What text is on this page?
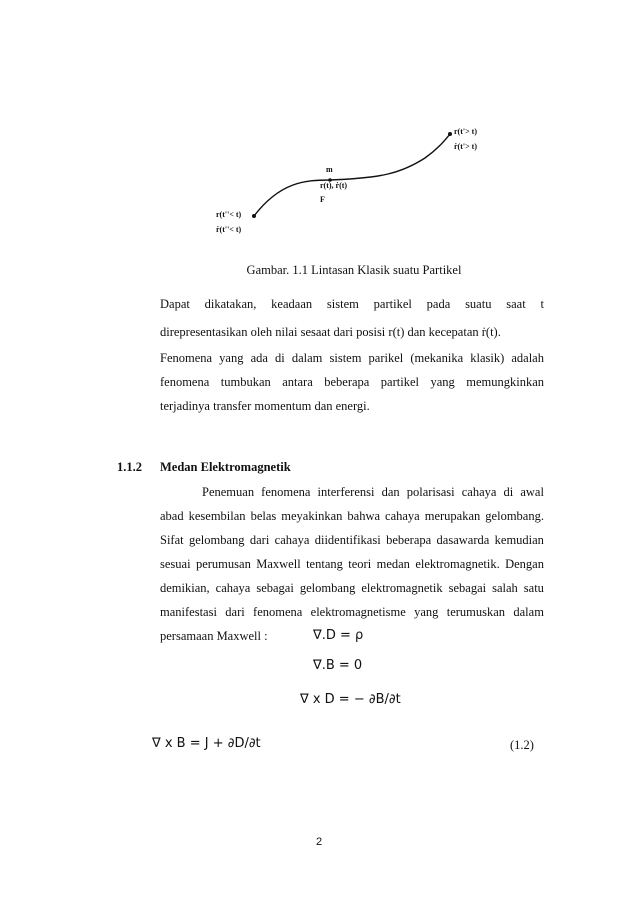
m
r(t), ṙ(t)
F
r(t''< t)
ṙ(t''< t)
r(t'> t)
ṙ(t'> t)
Gambar. 1.1 Lintasan Klasik suatu Partikel
Dapat dikatakan, keadaan sistem partikel pada suatu saat t
direpresentasikan oleh nilai sesaat dari posisi r(t) dan kecepatan ṙ(t).
Fenomena yang ada di dalam sistem parikel (mekanika klasik) adalah
fenomena tumbukan antara beberapa partikel yang memungkinkan
terjadinya transfer momentum dan energi.
1.1.2 Medan Elektromagnetik
Penemuan fenomena interferensi dan polarisasi cahaya di awal
abad kesembilan belas meyakinkan bahwa cahaya merupakan gelombang.
Sifat gelombang dari cahaya diidentifikasi beberapa dasawarda kemudian
sesuai perumusan Maxwell tentang teori medan elektromagnetik. Dengan
demikian, cahaya sebagai gelombang elektromagnetik sebagai salah satu
manifestasi dari fenomena elektromagnetisme yang terumuskan dalam
persamaan Maxwell :	∇.D = ρ
∇.B = 0
∇ x D = − ∂B/∂t
∇ x B = J + ∂D/∂t	(1.2)
2
